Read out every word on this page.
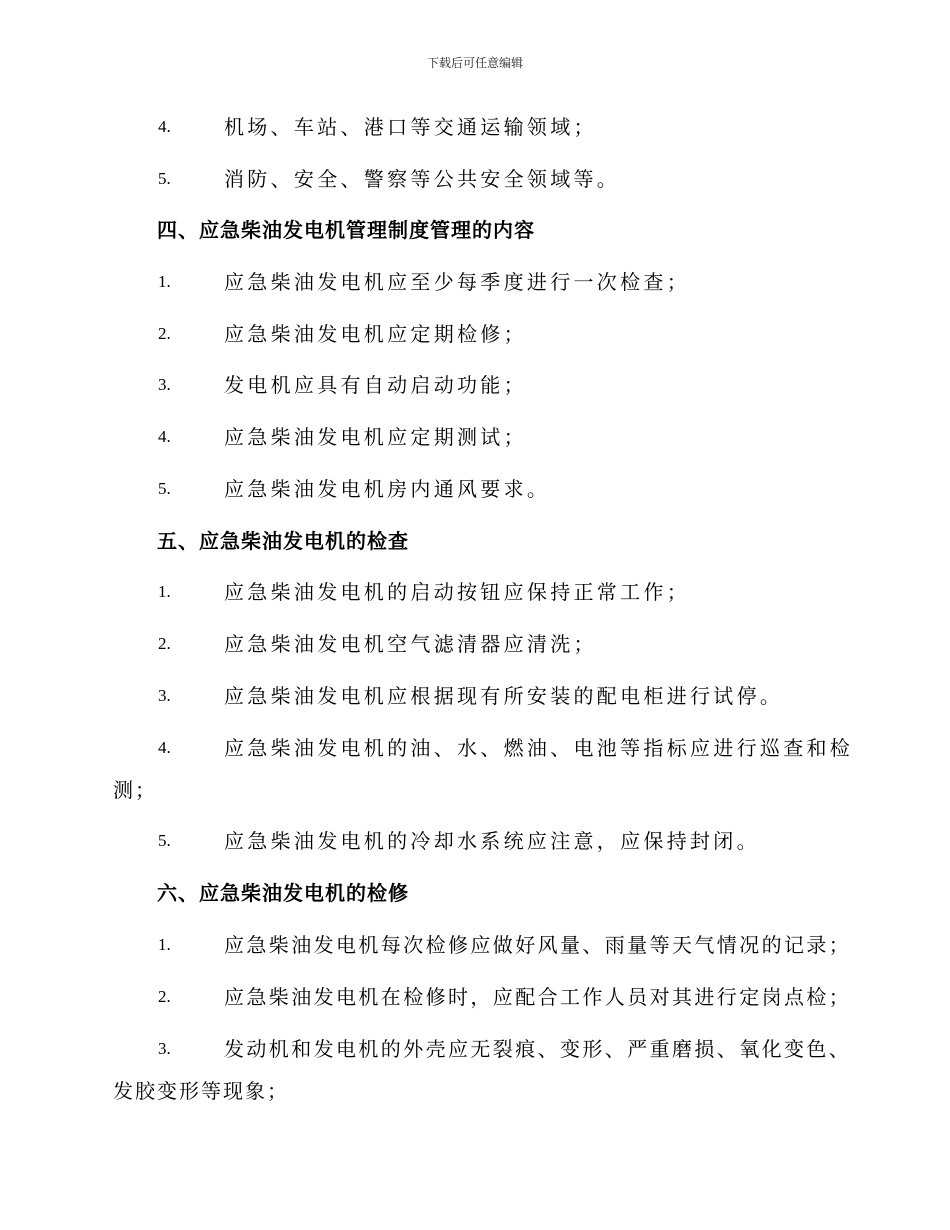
下载后可任意编辑
4.	机场、车站、港口等交通运输领域；
5.	消防、安全、警察等公共安全领域等。
四、应急柴油发电机管理制度管理的内容
1.	应急柴油发电机应至少每季度进行一次检查；
2.	应急柴油发电机应定期检修；
3.	发电机应具有自动启动功能；
4.	应急柴油发电机应定期测试；
5.	应急柴油发电机房内通风要求。
五、应急柴油发电机的检查
1.	应急柴油发电机的启动按钮应保持正常工作；
2.	应急柴油发电机空气滤清器应清洗；
3.	应急柴油发电机应根据现有所安装的配电柜进行试停。
4.	应急柴油发电机的油、水、燃油、电池等指标应进行巡查和检
测；
5.	应急柴油发电机的冷却水系统应注意，应保持封闭。
六、应急柴油发电机的检修
1.	应急柴油发电机每次检修应做好风量、雨量等天气情况的记录；
2.	应急柴油发电机在检修时，应配合工作人员对其进行定岗点检；
3.	发动机和发电机的外壳应无裂痕、变形、严重磨损、氧化变色、
发胶变形等现象；
